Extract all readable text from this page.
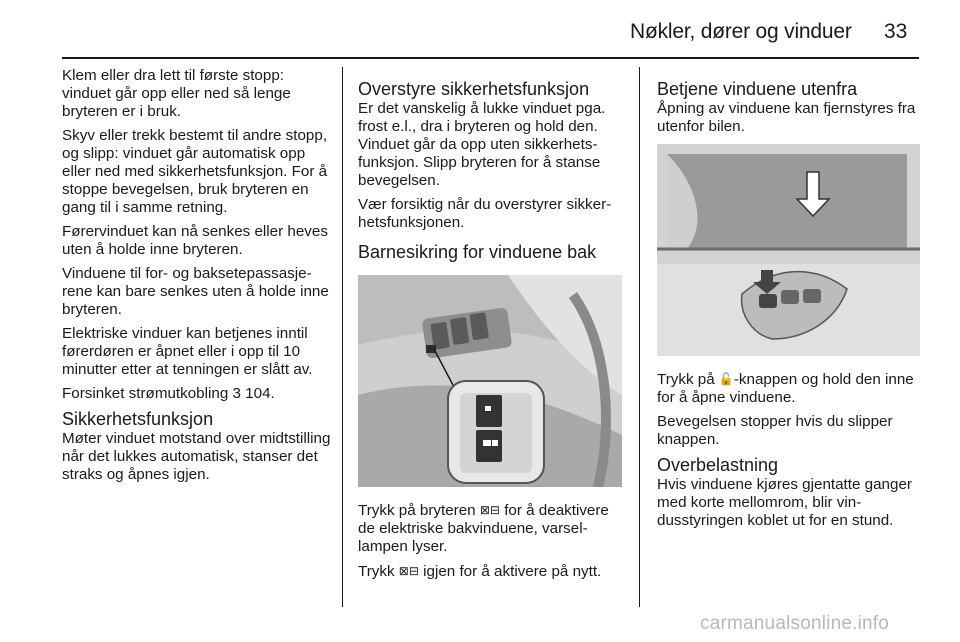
Nøkler, dører og vinduer 33

Klem eller dra lett til første stopp: vinduet går opp eller ned så lenge bryteren er i bruk.

Skyv eller trekk bestemt til andre stopp, og slipp: vinduet går automatisk opp eller ned med sikkerhetsfunksjon. For å stoppe bevegelsen, bruk bryteren en gang til i samme retning.

Førervinduet kan nå senkes eller heves uten å holde inne bryteren.

Vinduene til for- og baksetepassasjerene kan bare senkes uten å holde inne bryteren.

Elektriske vinduer kan betjenes inntil førerdøren er åpnet eller i opp til 10 minutter etter at tenningen er slått av.

Forsinket strømutkobling 3 104.

Sikkerhetsfunksjon

Møter vinduet motstand over midtstilling når det lukkes automatisk, stanser det straks og åpnes igjen.

Overstyre sikkerhetsfunksjon

Er det vanskelig å lukke vinduet pga. frost e.l., dra i bryteren og hold den. Vinduet går da opp uten sikkerhetsfunksjon. Slipp bryteren for å stanse bevegelsen.

Vær forsiktig når du overstyrer sikkerhetsfunksjonen.

Barnesikring for vinduene bak

Trykk på bryteren ⊠⊟ for å deaktivere de elektriske bakvinduene, varsellampen lyser.

Trykk ⊠⊟ igjen for å aktivere på nytt.

Betjene vinduene utenfra

Åpning av vinduene kan fjernstyres fra utenfor bilen.

Trykk på 🔓-knappen og hold den inne for å åpne vinduene.

Bevegelsen stopper hvis du slipper knappen.

Overbelastning

Hvis vinduene kjøres gjentatte ganger med korte mellomrom, blir vindusstyringen koblet ut for en stund.

carmanualsonline.info
